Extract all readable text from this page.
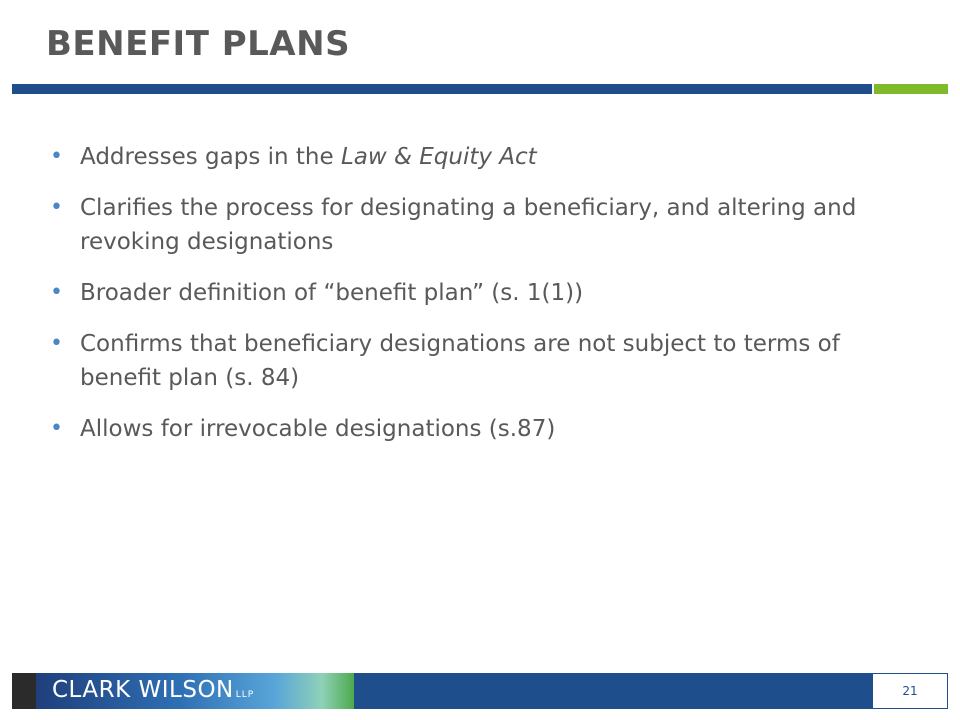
BENEFIT PLANS
• Addresses gaps in the Law & Equity Act
• Clarifies the process for designating a beneficiary, and altering and revoking designations
• Broader definition of “benefit plan” (s. 1(1))
• Confirms that beneficiary designations are not subject to terms of benefit plan (s. 84)
• Allows for irrevocable designations (s.87)
CLARK WILSON LLP	21
